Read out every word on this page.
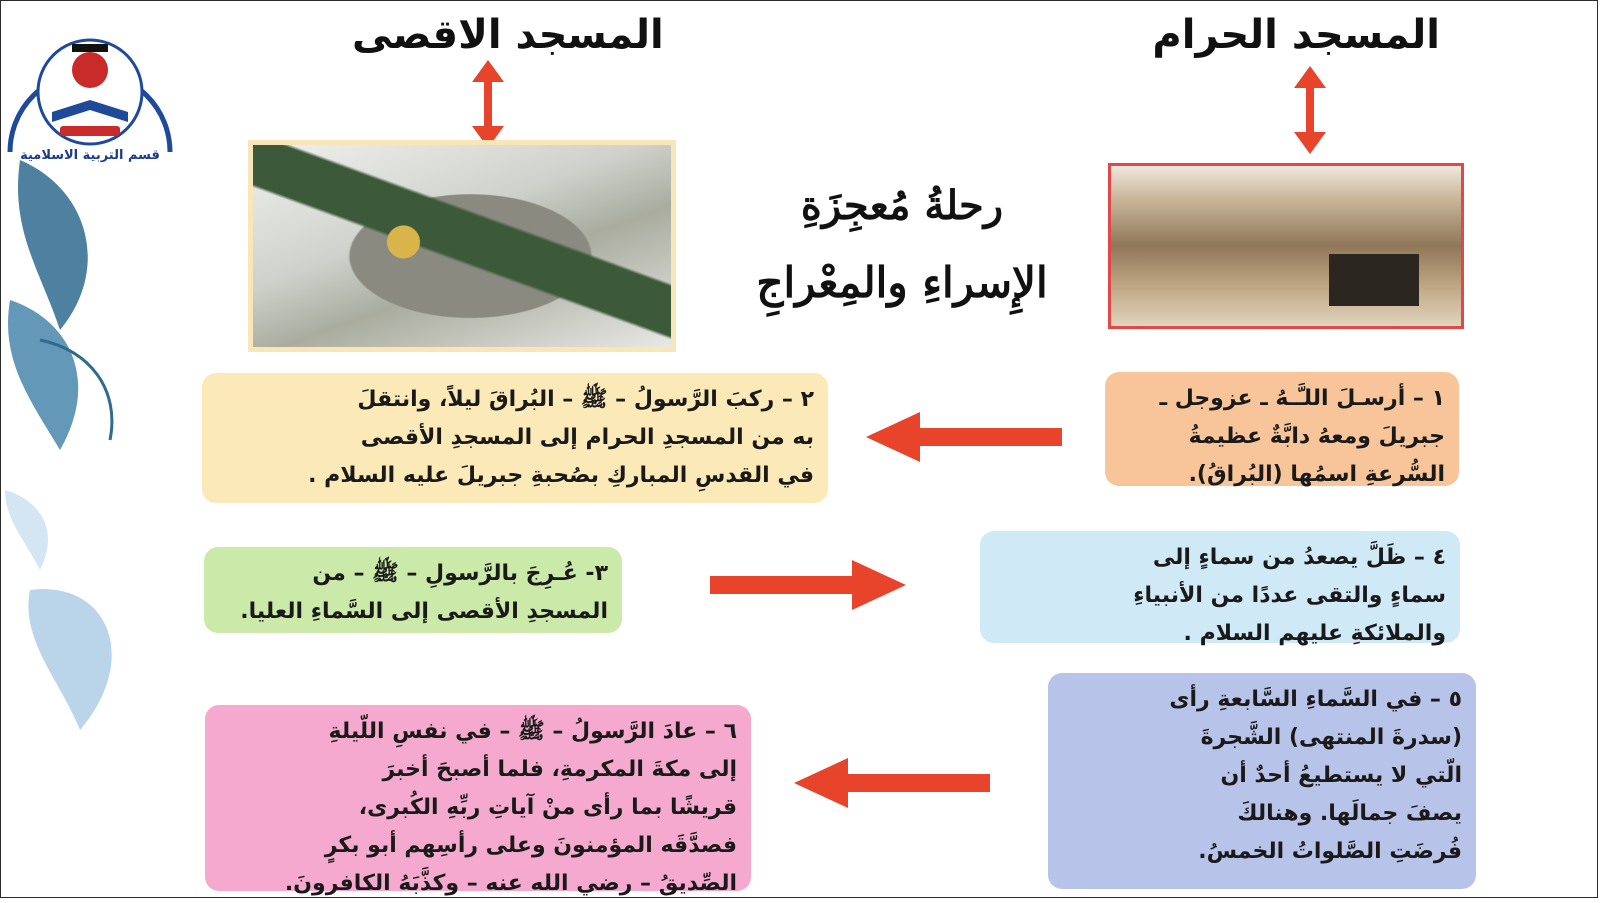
قسم التربية الاسلامية
المسجد الحرام
المسجد الاقصى
رحلةُ مُعجِزَةِ
الإِسراءِ والمِعْراجِ
١ – أرسـلَ اللـَّـهُ ـ عزوجل ـ
جبريلَ ومعهُ دابَّةٌ عظيمةُ
السُّرعةِ اسمُها (البُراقُ).
٢ – ركبَ الرَّسولُ – ﷺ – البُراقَ ليلاً، وانتقلَ
به من المسجدِ الحرام إلى المسجدِ الأقصى
في القدسِ المباركِ بصُحبةِ جبريلَ عليه السلام .
٣- عُـرِجَ بالرَّسولِ – ﷺ – من
المسجدِ الأقصى إلى السَّماءِ العليا.
٤ – ظَلَّ يصعدُ من سماءٍ إلى
سماءٍ والتقى عددًا من الأنبياءِ
والملائكةِ عليهم السلام .
٥ – في السَّماءِ السَّابعةِ رأى
(سدرةَ المنتهى) الشَّجرةَ
الّتي لا يستطيعُ أحدٌ أن
يصفَ جمالَها. وهنالكَ
فُرضَتِ الصَّلواتُ الخمسُ.
٦ – عادَ الرَّسولُ – ﷺ – في نفسِ اللّيلةِ
إلى مكةَ المكرمةِ، فلما أصبحَ أخبرَ
قريشًا بما رأى منْ آياتِ ربِّهِ الكُبرى،
فصدَّقَه المؤمنونَ وعلى رأسِهم أبو بكرٍ
الصِّديقُ – رضي الله عنه – وكذَّبَهُ الكافرونَ.
